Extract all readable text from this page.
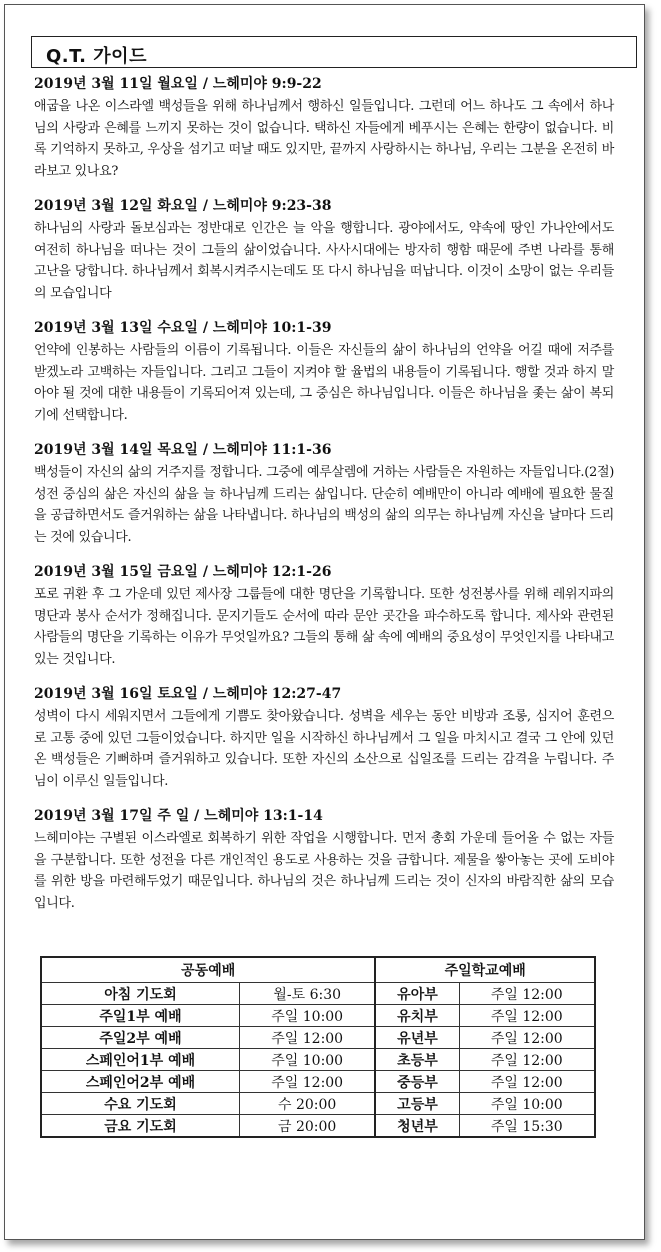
Q.T. 가이드
2019년 3월 11일 월요일 / 느헤미야 9:9-22
애굽을 나온 이스라엘 백성들을 위해 하나님께서 행하신 일들입니다. 그런데 어느 하나도 그 속에서 하나님의 사랑과 은혜를 느끼지 못하는 것이 없습니다. 택하신 자들에게 베푸시는 은혜는 한량이 없습니다. 비록 기억하지 못하고, 우상을 섬기고 떠날 때도 있지만, 끝까지 사랑하시는 하나님, 우리는 그분을 온전히 바라보고 있나요?
2019년 3월 12일 화요일 / 느헤미야 9:23-38
하나님의 사랑과 돌보심과는 정반대로 인간은 늘 악을 행합니다. 광야에서도, 약속에 땅인 가나안에서도 여전히 하나님을 떠나는 것이 그들의 삶이었습니다. 사사시대에는 방자히 행함 때문에 주변 나라를 통해 고난을 당합니다. 하나님께서 회복시켜주시는데도 또 다시 하나님을 떠납니다. 이것이 소망이 없는 우리들의 모습입니다
2019년 3월 13일 수요일 / 느헤미야 10:1-39
언약에 인봉하는 사람들의 이름이 기록됩니다. 이들은 자신들의 삶이 하나님의 언약을 어길 때에 저주를 받겠노라 고백하는 자들입니다. 그리고 그들이 지켜야 할 율법의 내용들이 기록됩니다. 행할 것과 하지 말아야 될 것에 대한 내용들이 기록되어져 있는데, 그 중심은 하나님입니다. 이들은 하나님을 좇는 삶이 복되기에 선택합니다.
2019년 3월 14일 목요일 / 느헤미야 11:1-36
백성들이 자신의 삶의 거주지를 정합니다. 그중에 예루살렘에 거하는 사람들은 자원하는 자들입니다.(2절) 성전 중심의 삶은 자신의 삶을 늘 하나님께 드리는 삶입니다. 단순히 예배만이 아니라 예배에 필요한 물질을 공급하면서도 즐거워하는 삶을 나타냅니다. 하나님의 백성의 삶의 의무는 하나님께 자신을 날마다 드리는 것에 있습니다.
2019년 3월 15일 금요일 / 느헤미야 12:1-26
포로 귀환 후 그 가운데 있던 제사장 그룹들에 대한 명단을 기록합니다. 또한 성전봉사를 위해 레위지파의 명단과 봉사 순서가 정해집니다. 문지기들도 순서에 따라 문안 곳간을 파수하도록 합니다. 제사와 관련된 사람들의 명단을 기록하는 이유가 무엇일까요? 그들의 통해 삶 속에 예배의 중요성이 무엇인지를 나타내고 있는 것입니다.
2019년 3월 16일 토요일 / 느헤미야 12:27-47
성벽이 다시 세워지면서 그들에게 기쁨도 찾아왔습니다. 성벽을 세우는 동안 비방과 조롱, 심지어 훈련으로 고통 중에 있던 그들이었습니다. 하지만 일을 시작하신 하나님께서 그 일을 마치시고 결국 그 안에 있던 온 백성들은 기뻐하며 즐거워하고 있습니다. 또한 자신의 소산으로 십일조를 드리는 감격을 누립니다. 주님이 이루신 일들입니다.
2019년 3월 17일 주 일 / 느헤미야 13:1-14
느헤미야는 구별된 이스라엘로 회복하기 위한 작업을 시행합니다. 먼저 총회 가운데 들어올 수 없는 자들을 구분합니다. 또한 성전을 다른 개인적인 용도로 사용하는 것을 금합니다. 제물을 쌓아놓는 곳에 도비야를 위한 방을 마련해두었기 때문입니다. 하나님의 것은 하나님께 드리는 것이 신자의 바람직한 삶의 모습입니다.
공동예배		주일학교예배	
아침 기도회	월-토 6:30	유아부	주일 12:00
주일1부 예배	주일 10:00	유치부	주일 12:00
주일2부 예배	주일 12:00	유년부	주일 12:00
스페인어1부 예배	주일 10:00	초등부	주일 12:00
스페인어2부 예배	주일 12:00	중등부	주일 12:00
수요 기도회	수 20:00	고등부	주일 10:00
금요 기도회	금 20:00	청년부	주일 15:30
